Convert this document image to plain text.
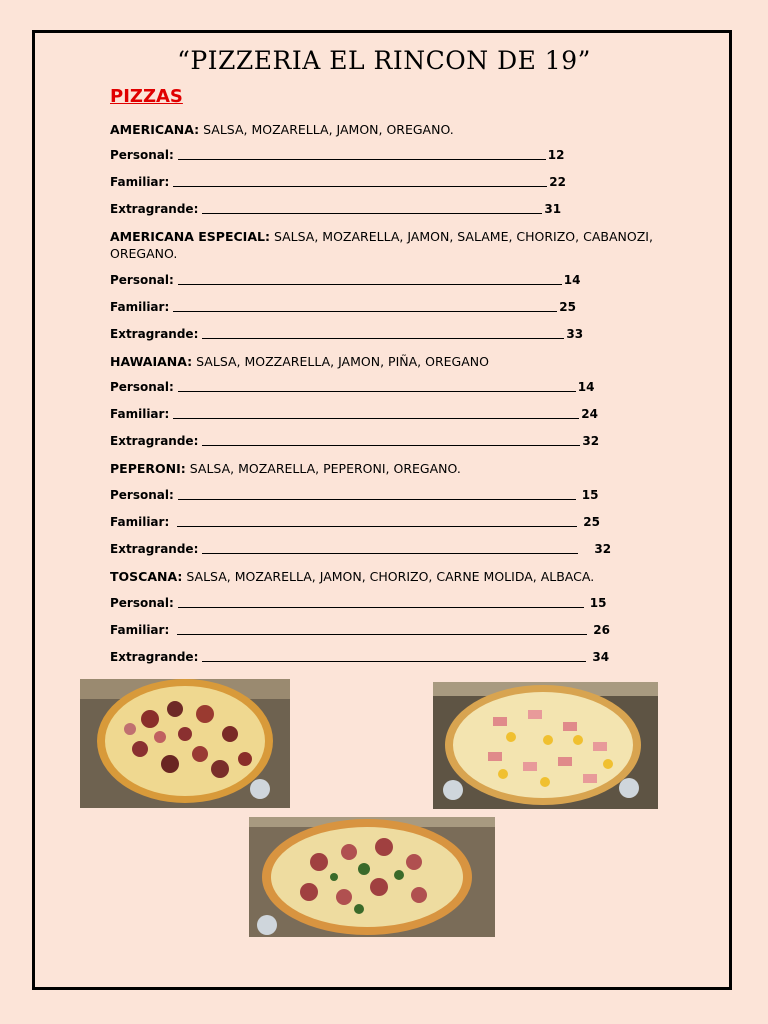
“PIZZERIA EL RINCON DE 19”
PIZZAS
AMERICANA: SALSA, MOZARELLA, JAMON, OREGANO.
Personal:	12
Familiar:	22
Extragrande:	31
AMERICANA ESPECIAL: SALSA, MOZARELLA, JAMON, SALAME, CHORIZO, CABANOZI, OREGANO.
Personal:	14
Familiar:	25
Extragrande:	33
HAWAIANA: SALSA, MOZZARELLA, JAMON, PIÑA, OREGANO
Personal:	14
Familiar:	24
Extragrande:	32
PEPERONI: SALSA, MOZARELLA, PEPERONI, OREGANO.
Personal:	15
Familiar:	25
Extragrande:	32
TOSCANA: SALSA, MOZARELLA, JAMON, CHORIZO, CARNE MOLIDA, ALBACA.
Personal:	15
Familiar:	26
Extragrande:	34
